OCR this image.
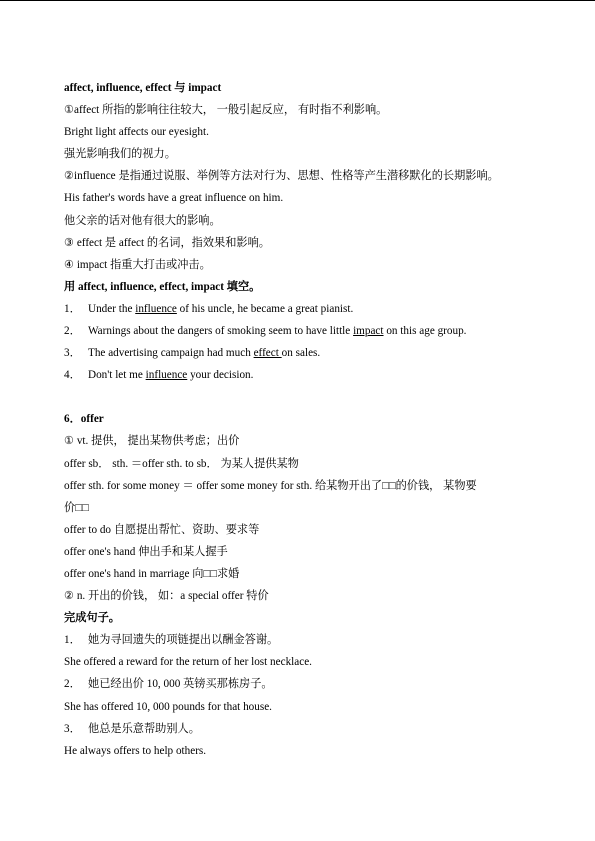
affect, influence, effect 与 impact
①affect 所指的影响往往较大， 一般引起反应， 有时指不利影响。
Bright light affects our eyesight.
强光影响我们的视力。
②influence 是指通过说服、举例等方法对行为、思想、性格等产生潜移默化的长期影响。
His father's words have a great influence on him.
他父亲的话对他有很大的影响。
③ effect 是 affect 的名词，指效果和影响。
④ impact 指重大打击或冲击。
用 affect, influence, effect, impact 填空。
1． Under the influence of his uncle, he became a great pianist.
2． Warnings about the dangers of smoking seem to have little impact on this age group.
3． The advertising campaign had much effect on sales.
4． Don't let me influence your decision.
6．offer
① vt. 提供， 提出某物供考虑；出价
offer sb． sth. ＝offer sth. to sb． 为某人提供某物
offer sth. for some money ＝ offer some money for sth. 给某物开出了□□的价钱， 某物要
价□□
offer to do 自愿提出帮忙、资助、要求等
offer one's hand 伸出手和某人握手
offer one's hand in marriage 向□□求婚
② n. 开出的价钱， 如：a special offer 特价
完成句子。
1． 她为寻回遗失的项链提出以酬金答谢。
She offered a reward for the return of her lost necklace.
2． 她已经出价 10, 000 英镑买那栋房子。
She has offered 10, 000 pounds for that house.
3． 他总是乐意帮助别人。
He always offers to help others.
